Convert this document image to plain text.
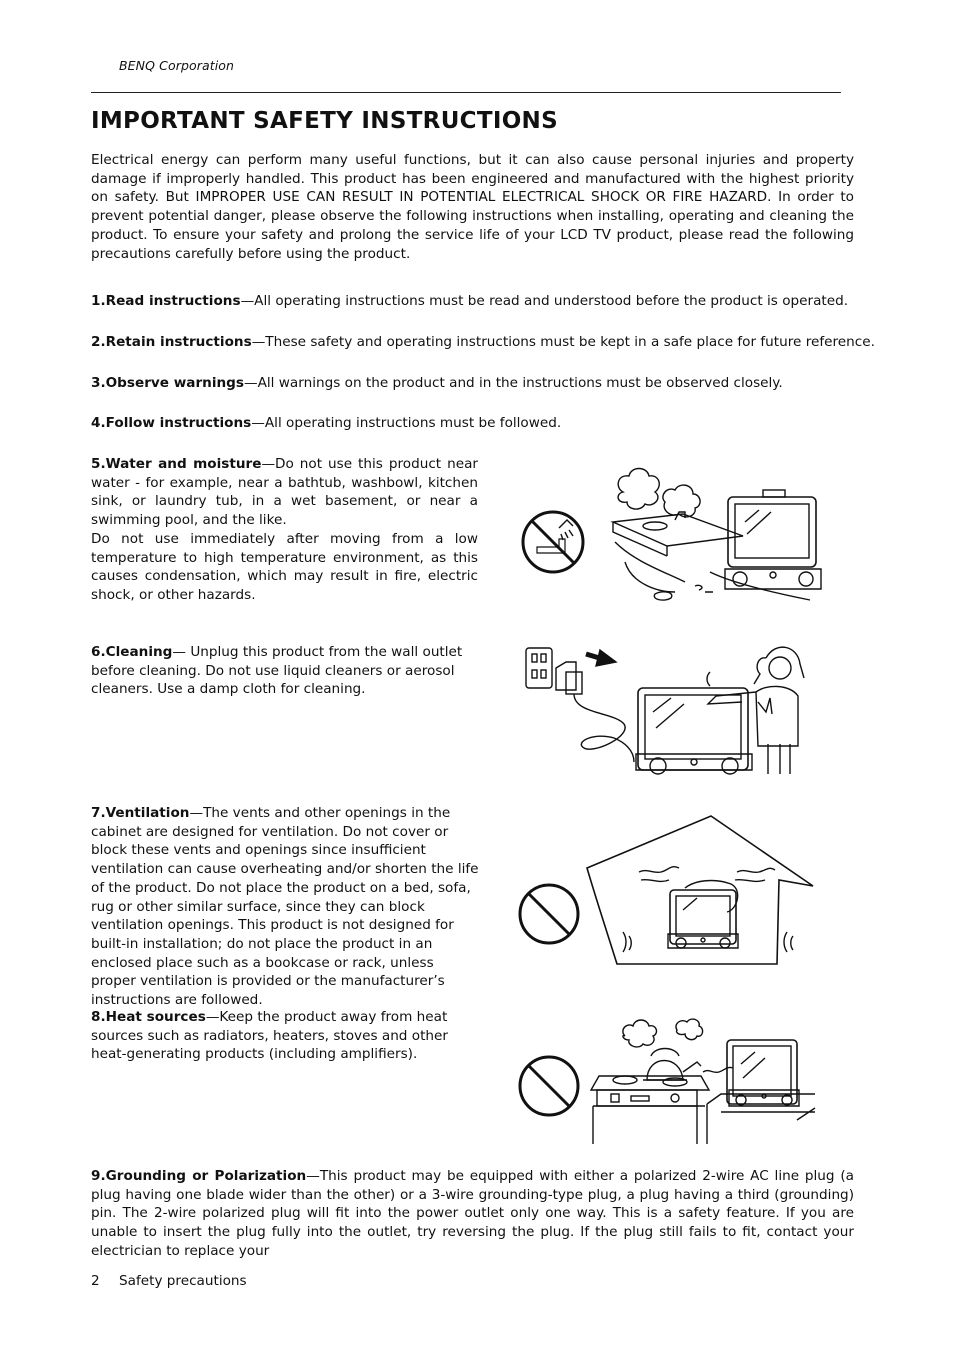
BENQ Corporation
IMPORTANT SAFETY INSTRUCTIONS

Electrical energy can perform many useful functions, but it can also cause personal injuries and property damage if improperly handled. This product has been engineered and manufactured with the highest priority on safety. But IMPROPER USE CAN RESULT IN POTENTIAL ELECTRICAL SHOCK OR FIRE HAZARD. In order to prevent potential danger, please observe the following instructions when installing, operating and cleaning the product. To ensure your safety and prolong the service life of your LCD TV product, please read the following precautions carefully before using the product.

1.Read instructions—All operating instructions must be read and understood before the product is operated.

2.Retain instructions—These safety and operating instructions must be kept in a safe place for future reference.

3.Observe warnings—All warnings on the product and in the instructions must be observed closely.

4.Follow instructions—All operating instructions must be followed.

5.Water and moisture—Do not use this product near water - for example, near a bathtub, washbowl, kitchen sink, or laundry tub, in a wet basement, or near a swimming pool, and the like.
Do not use immediately after moving from a low temperature to high temperature environment, as this causes condensation, which may result in fire, electric shock, or other hazards.

6.Cleaning— Unplug this product from the wall outlet before cleaning. Do not use liquid cleaners or aerosol cleaners. Use a damp cloth for cleaning.

7.Ventilation—The vents and other openings in the cabinet are designed for ventilation. Do not cover or block these vents and openings since insufficient ventilation can cause overheating and/or shorten the life of the product. Do not place the product on a bed, sofa, rug or other similar surface, since they can block ventilation openings. This product is not designed for built-in installation; do not place the product in an enclosed place such as a bookcase or rack, unless proper ventilation is provided or the manufacturer’s instructions are followed.

8.Heat sources—Keep the product away from heat sources such as radiators, heaters, stoves and other heat-generating products (including amplifiers).

9.Grounding or Polarization—This product may be equipped with either a polarized 2-wire AC line plug (a plug having one blade wider than the other) or a 3-wire grounding-type plug, a plug having a third (grounding) pin. The 2-wire polarized plug will fit into the power outlet only one way. This is a safety feature. If you are unable to insert the plug fully into the outlet, try reversing the plug. If the plug still fails to fit, contact your electrician to replace your

2 Safety precautions
